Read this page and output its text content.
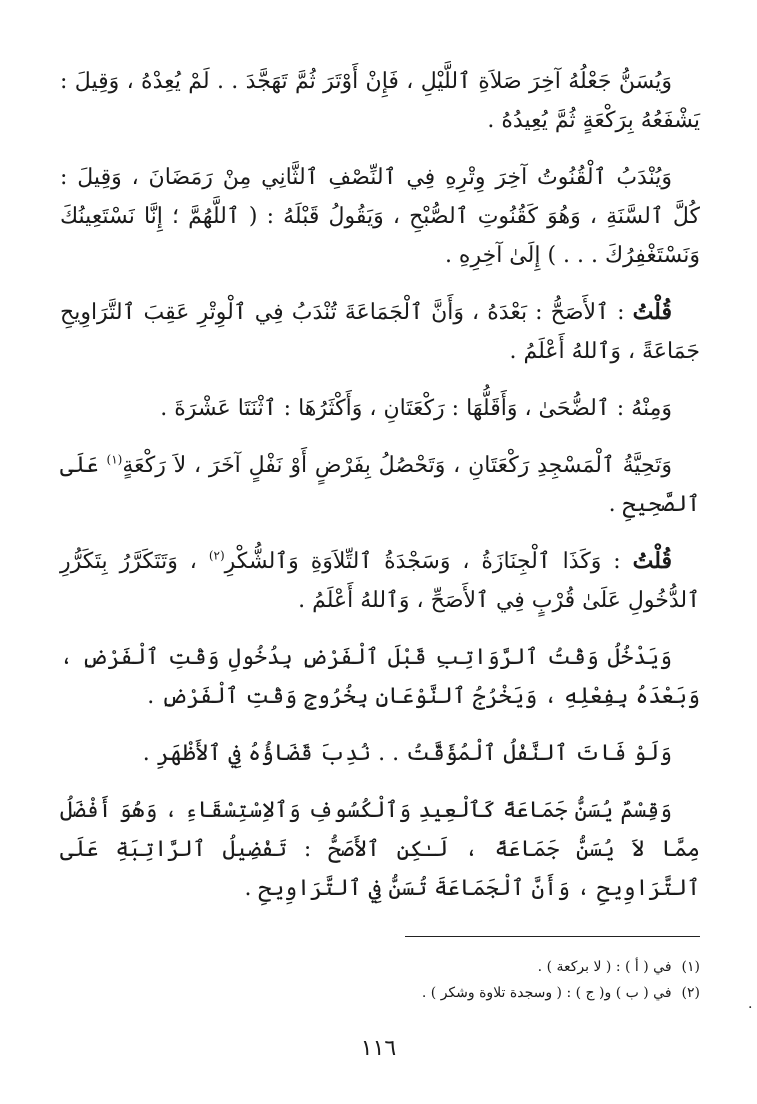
وَيُسَنُّ جَعْلُهُ آخِرَ صَلاَةِ ٱللَّيْلِ ، فَإِنْ أَوْتَرَ ثُمَّ تَهَجَّدَ . . لَمْ يُعِدْهُ ، وَقِيلَ : يَشْفَعُهُ بِرَكْعَةٍ ثُمَّ يُعِيدُهُ .

وَيُنْدَبُ ٱلْقُنُوتُ آخِرَ وِتْرِهِ فِي ٱلنِّصْفِ ٱلثَّانِي مِنْ رَمَضَانَ ، وَقِيلَ : كُلَّ ٱلسَّنَةِ ، وَهُوَ كَقُنُوتِ ٱلصُّبْحِ ، وَيَقُولُ قَبْلَهُ : ( ٱللَّهُمَّ ؛ إِنَّا نَسْتَعِينُكَ وَنَسْتَغْفِرُكَ . . . ) إِلَىٰ آخِرِهِ .

قُلْتُ : ٱلأَصَحُّ : بَعْدَهُ ، وَأَنَّ ٱلْجَمَاعَةَ تُنْدَبُ فِي ٱلْوِتْرِ عَقِبَ ٱلتَّرَاوِيحِ جَمَاعَةً ، وَٱللهُ أَعْلَمُ .

وَمِنْهُ : ٱلضُّحَىٰ ، وَأَقَلُّهَا : رَكْعَتَانِ ، وَأَكْثَرُهَا : ٱثْنَتَا عَشْرَةَ .

وَتَحِيَّةُ ٱلْمَسْجِدِ رَكْعَتَانِ ، وَتَحْصُلُ بِفَرْضٍ أَوْ نَفْلٍ آخَرَ ، لاَ رَكْعَةٍ$^{(١)}$ عَلَى ٱلصَّحِيحِ .

قُلْتُ : وَكَذَا ٱلْجِنَازَةُ ، وَسَجْدَةُ ٱلتِّلاَوَةِ وَٱلشُّكْرِ$^{(٢)}$ ، وَتَتَكَرَّرُ بِتَكَرُّرِ ٱلدُّخُولِ عَلَىٰ قُرْبٍ فِي ٱلأَصَحِّ ، وَٱللهُ أَعْلَمُ .

وَيَدْخُلُ وَقْتُ ٱلرَّوَاتِبِ قَبْلَ ٱلْفَرْضِ بِدُخُولِ وَقْتِ ٱلْفَرْضِ ، وَبَعْدَهُ بِفِعْلِهِ ، وَيَخْرُجُ ٱلنَّوْعَانِ بِخُرُوجِ وَقْتِ ٱلْفَرْضِ .

وَلَوْ فَاتَ ٱلنَّفْلُ ٱلْمُؤَقَّتُ . . نُدِبَ قَضَاؤُهُ فِي ٱلأَظْهَرِ .

وَقِسْمٌ يُسَنُّ جَمَاعَةً كَٱلْعِيدِ وَٱلْكُسُوفِ وَٱلاِسْتِسْقَاءِ ، وَهُوَ أَفْضَلُ مِمَّا لاَ يُسَنُّ جَمَاعَةً ، لَـٰكِنِ ٱلأَصَحُّ : تَفْضِيلُ ٱلرَّاتِبَةِ عَلَى ٱلتَّرَاوِيحِ ، وَأَنَّ ٱلْجَمَاعَةَ تُسَنُّ فِي ٱلتَّرَاوِيحِ .

(١)في ( أ ) : ( لا بركعة ) .
(٢)في ( ب ) و( ج ) : ( وسجدة تلاوة وشكر ) .
.
١١٦
